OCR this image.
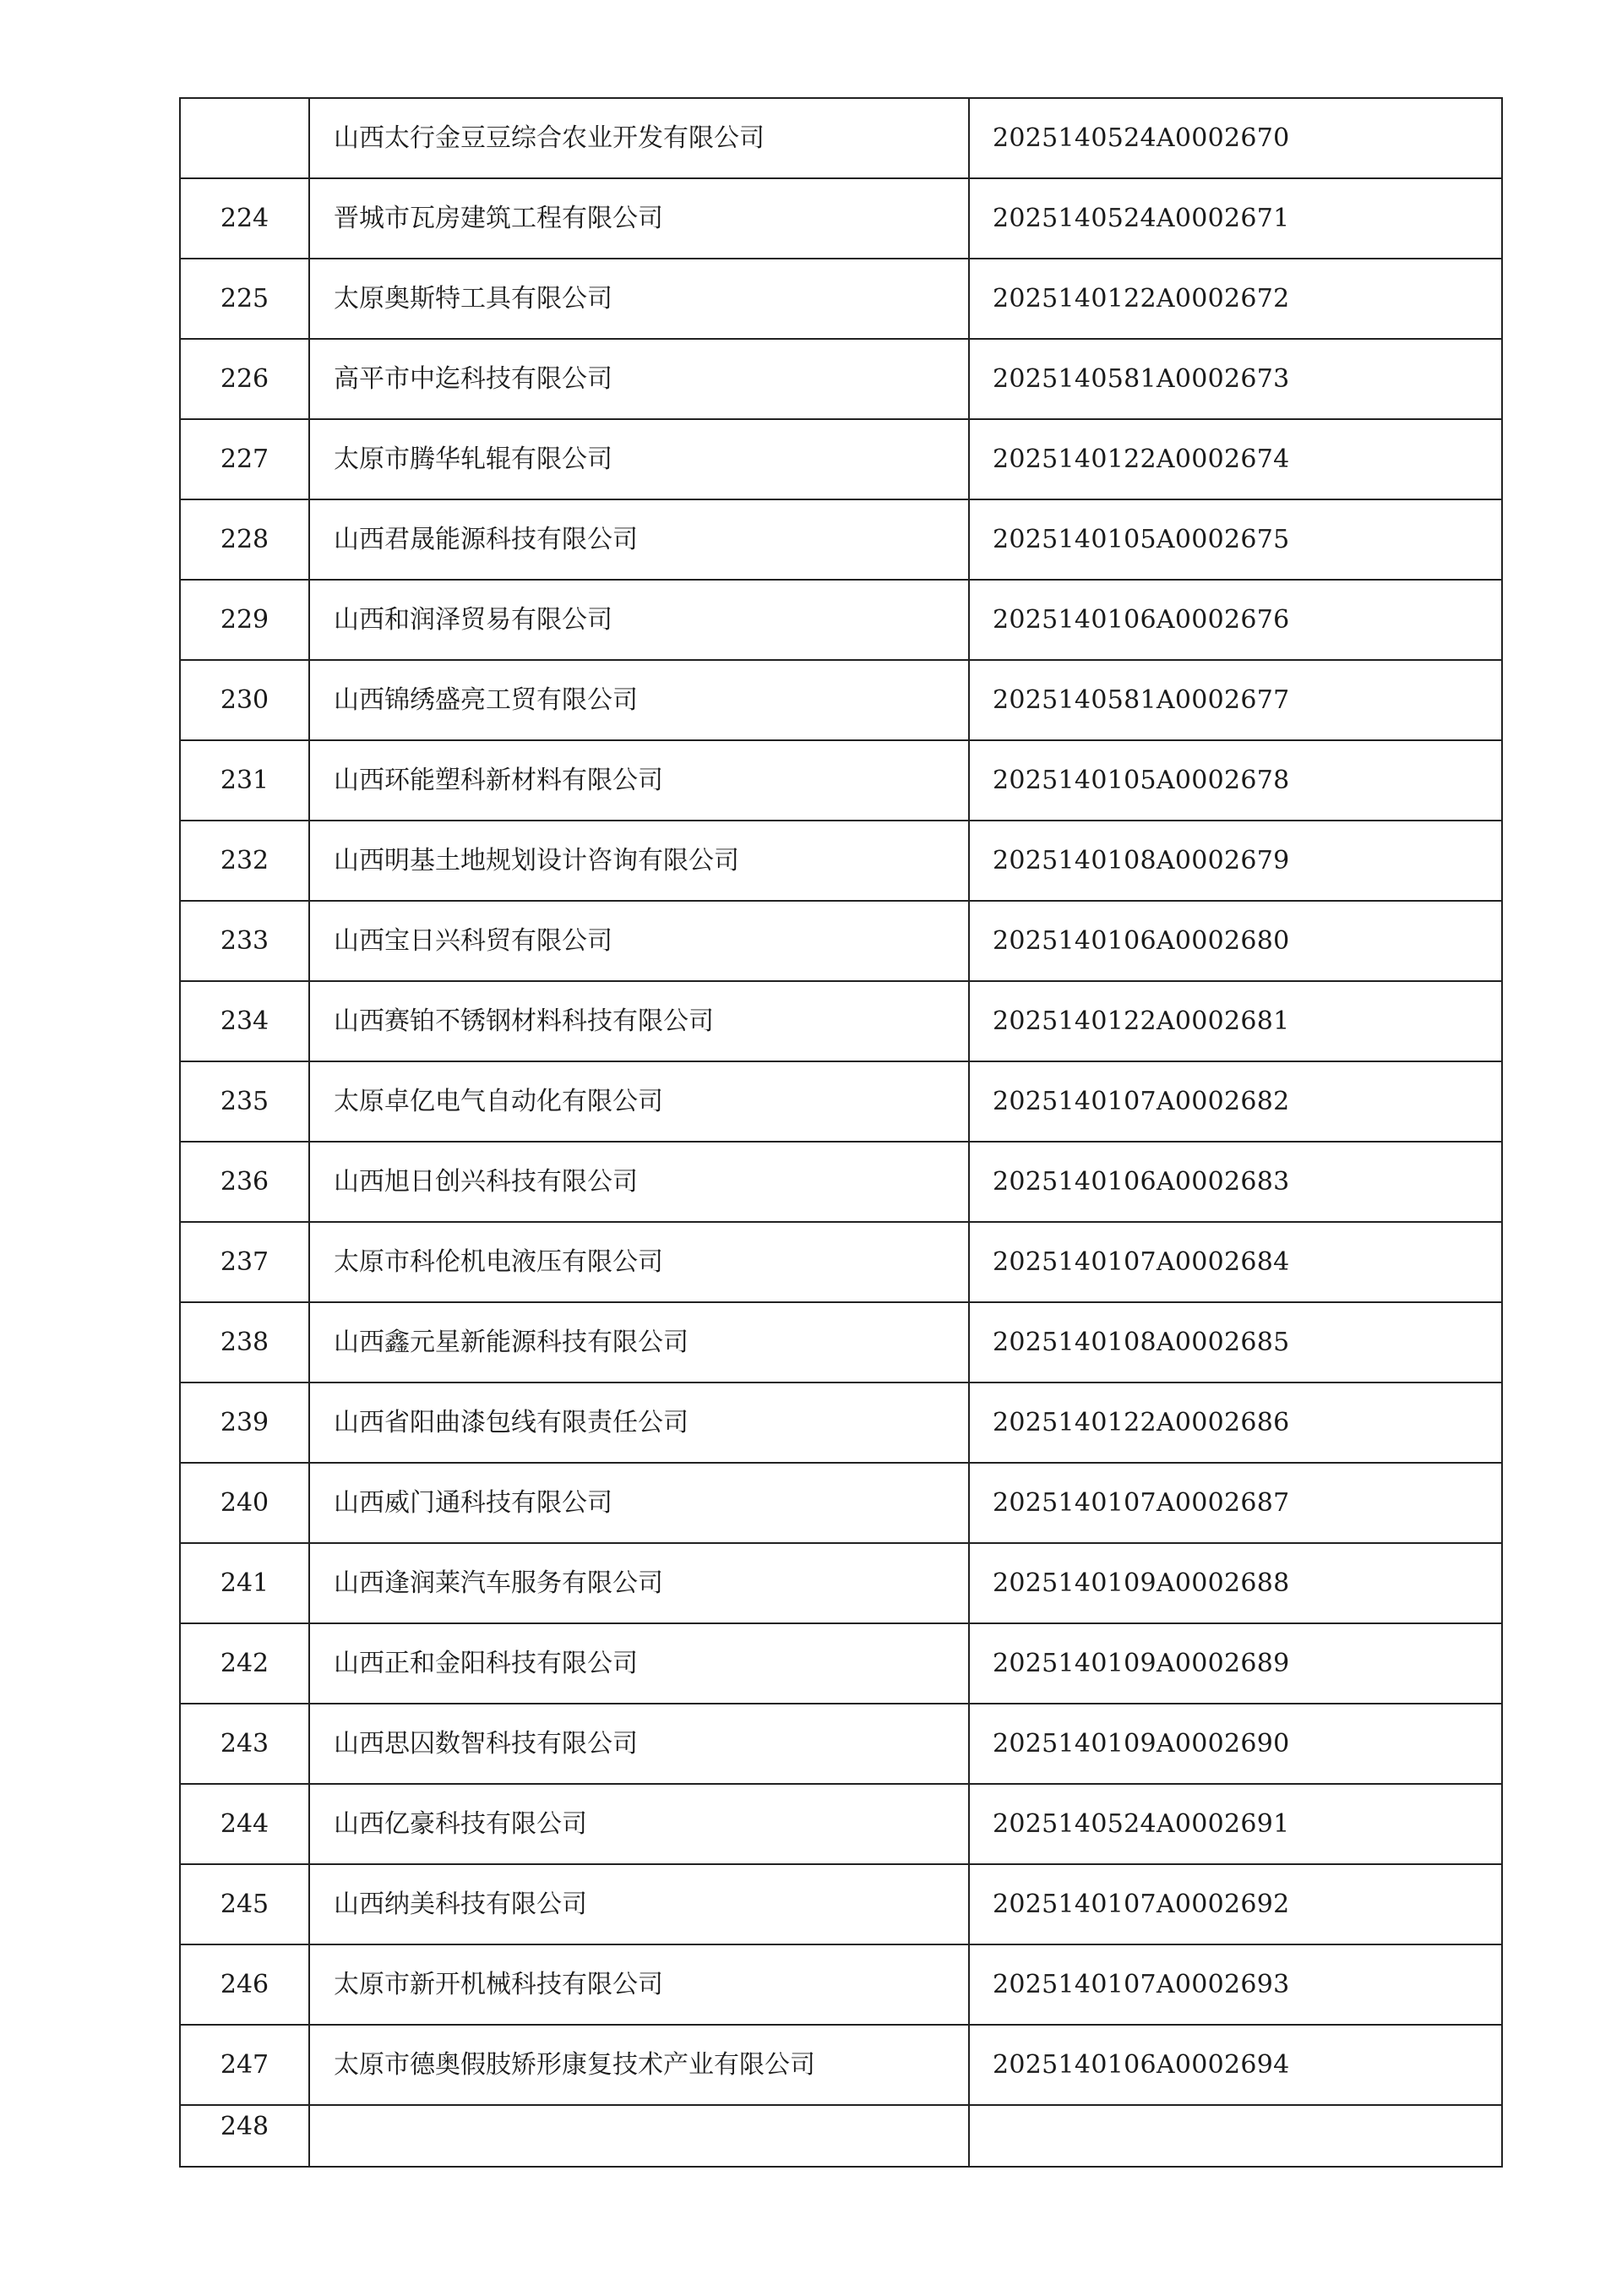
	山西太行金豆豆综合农业开发有限公司	2025140524A0002670
224	晋城市瓦房建筑工程有限公司	2025140524A0002671
225	太原奥斯特工具有限公司	2025140122A0002672
226	高平市中迄科技有限公司	2025140581A0002673
227	太原市腾华轧辊有限公司	2025140122A0002674
228	山西君晟能源科技有限公司	2025140105A0002675
229	山西和润泽贸易有限公司	2025140106A0002676
230	山西锦绣盛亮工贸有限公司	2025140581A0002677
231	山西环能塑科新材料有限公司	2025140105A0002678
232	山西明基土地规划设计咨询有限公司	2025140108A0002679
233	山西宝日兴科贸有限公司	2025140106A0002680
234	山西赛铂不锈钢材料科技有限公司	2025140122A0002681
235	太原卓亿电气自动化有限公司	2025140107A0002682
236	山西旭日创兴科技有限公司	2025140106A0002683
237	太原市科伦机电液压有限公司	2025140107A0002684
238	山西鑫元星新能源科技有限公司	2025140108A0002685
239	山西省阳曲漆包线有限责任公司	2025140122A0002686
240	山西威门通科技有限公司	2025140107A0002687
241	山西逢润莱汽车服务有限公司	2025140109A0002688
242	山西正和金阳科技有限公司	2025140109A0002689
243	山西思囚数智科技有限公司	2025140109A0002690
244	山西亿豪科技有限公司	2025140524A0002691
245	山西纳美科技有限公司	2025140107A0002692
246	太原市新开机械科技有限公司	2025140107A0002693
247	太原市德奥假肢矫形康复技术产业有限公司	2025140106A0002694
248		
